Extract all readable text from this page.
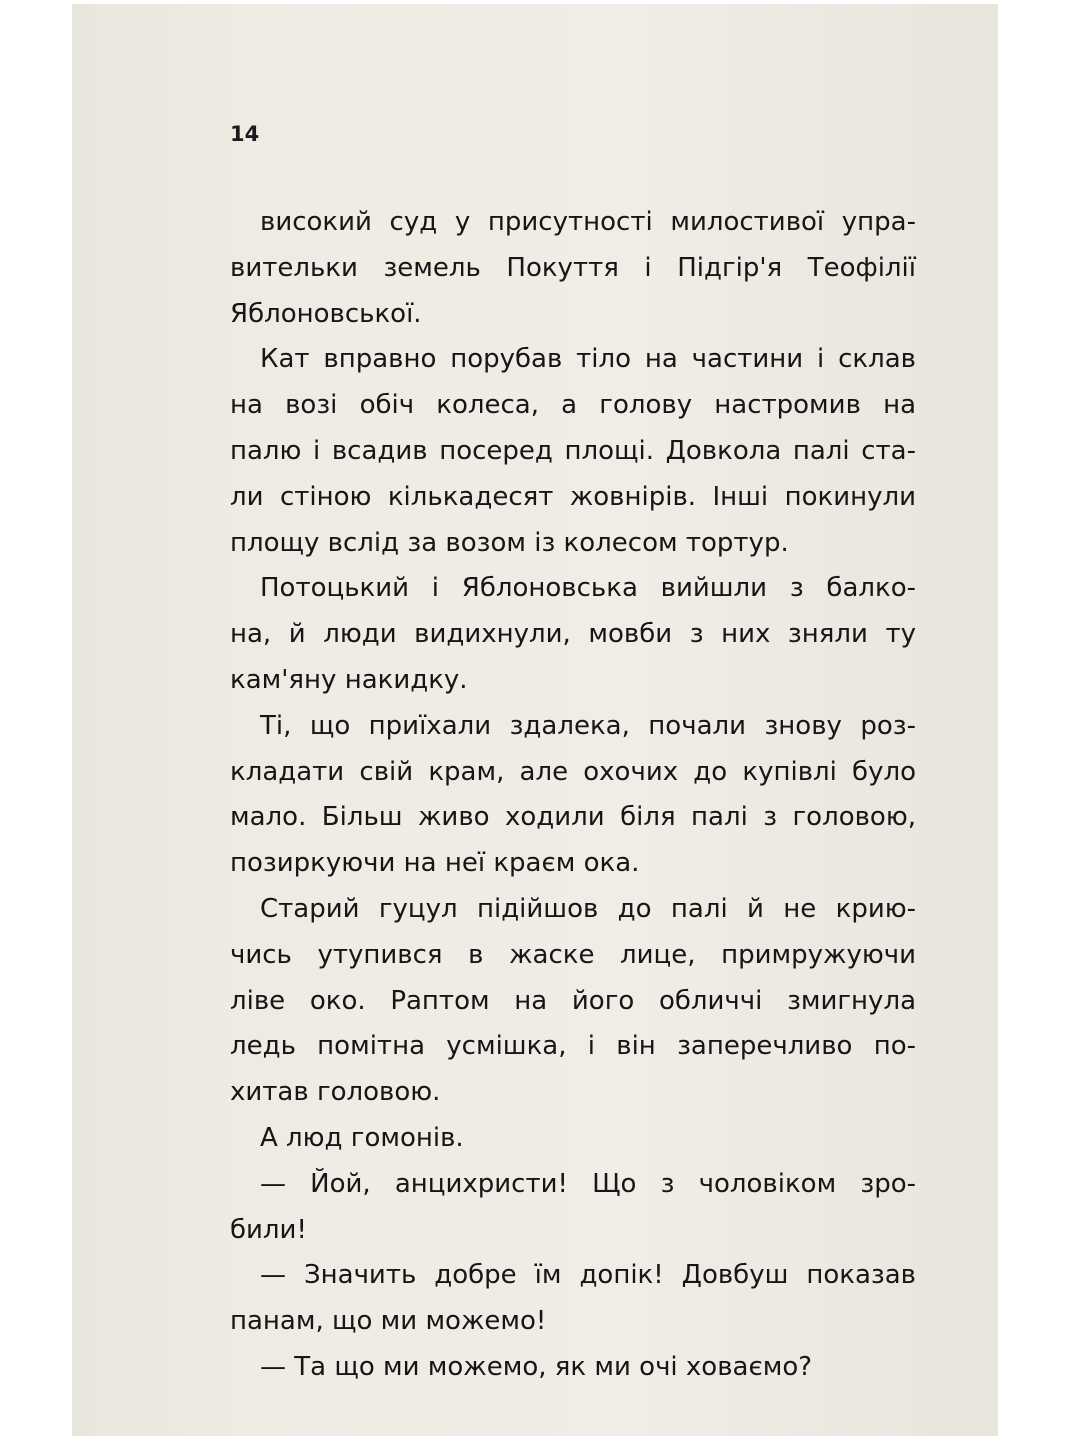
14
високий суд у присутності милостивої упра-
вительки земель Покуття і Підгір'я Теофілії
Яблоновської.
Кат вправно порубав тіло на частини і склав
на возі обіч колеса, а голову настромив на
палю і всадив посеред площі. Довкола палі ста-
ли стіною кількадесят жовнірів. Інші покинули
площу вслід за возом із колесом тортур.
Потоцький і Яблоновська вийшли з балко-
на, й люди видихнули, мовби з них зняли ту
кам'яну накидку.
Ті, що приїхали здалека, почали знову роз-
кладати свій крам, але охочих до купівлі було
мало. Більш живо ходили біля палі з головою,
позиркуючи на неї краєм ока.
Старий гуцул підійшов до палі й не крию-
чись утупився в жаске лице, примружуючи
ліве око. Раптом на його обличчі змигнула
ледь помітна усмішка, і він заперечливо по-
хитав головою.
А люд гомонів.
— Йой, анцихристи! Що з чоловіком зро-
били!
— Значить добре їм допік! Довбуш показав
панам, що ми можемо!
— Та що ми можемо, як ми очі ховаємо?
